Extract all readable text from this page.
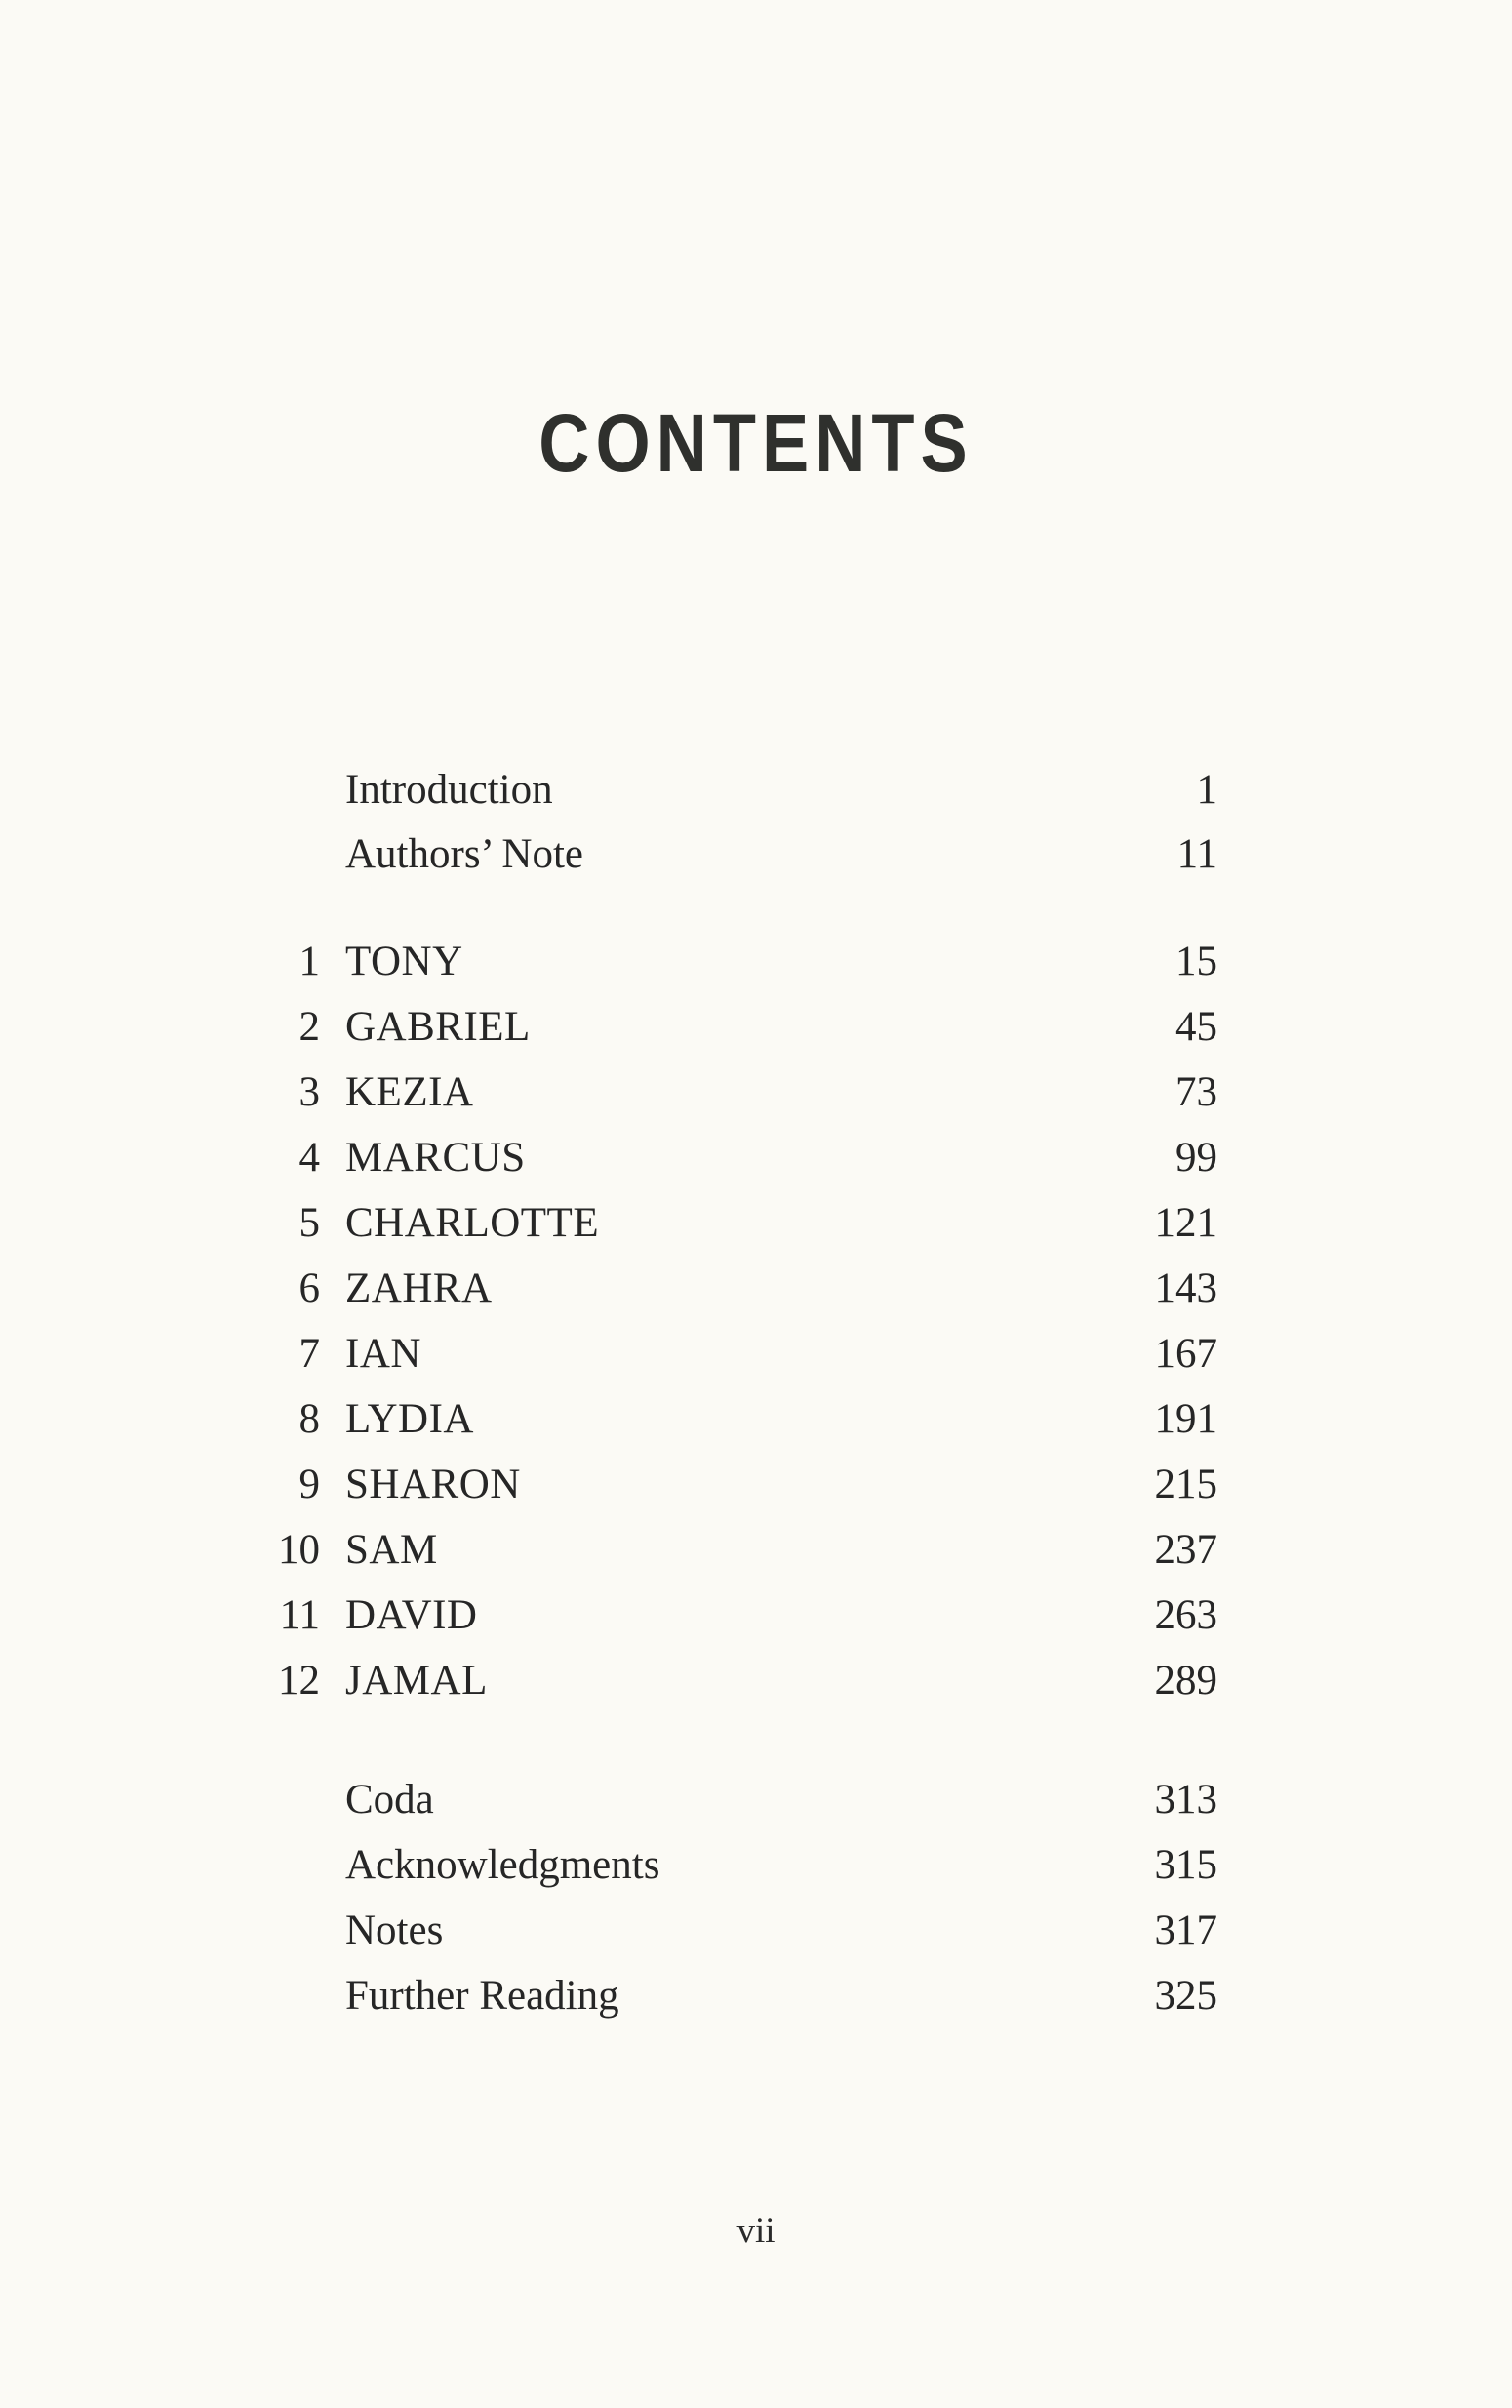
CONTENTS
Introduction	1
Authors’ Note	11
1 TONY	15
2 GABRIEL	45
3 KEZIA	73
4 MARCUS	99
5 CHARLOTTE	121
6 ZAHRA	143
7 IAN	167
8 LYDIA	191
9 SHARON	215
10 SAM	237
11 DAVID	263
12 JAMAL	289
Coda	313
Acknowledgments	315
Notes	317
Further Reading	325
vii
